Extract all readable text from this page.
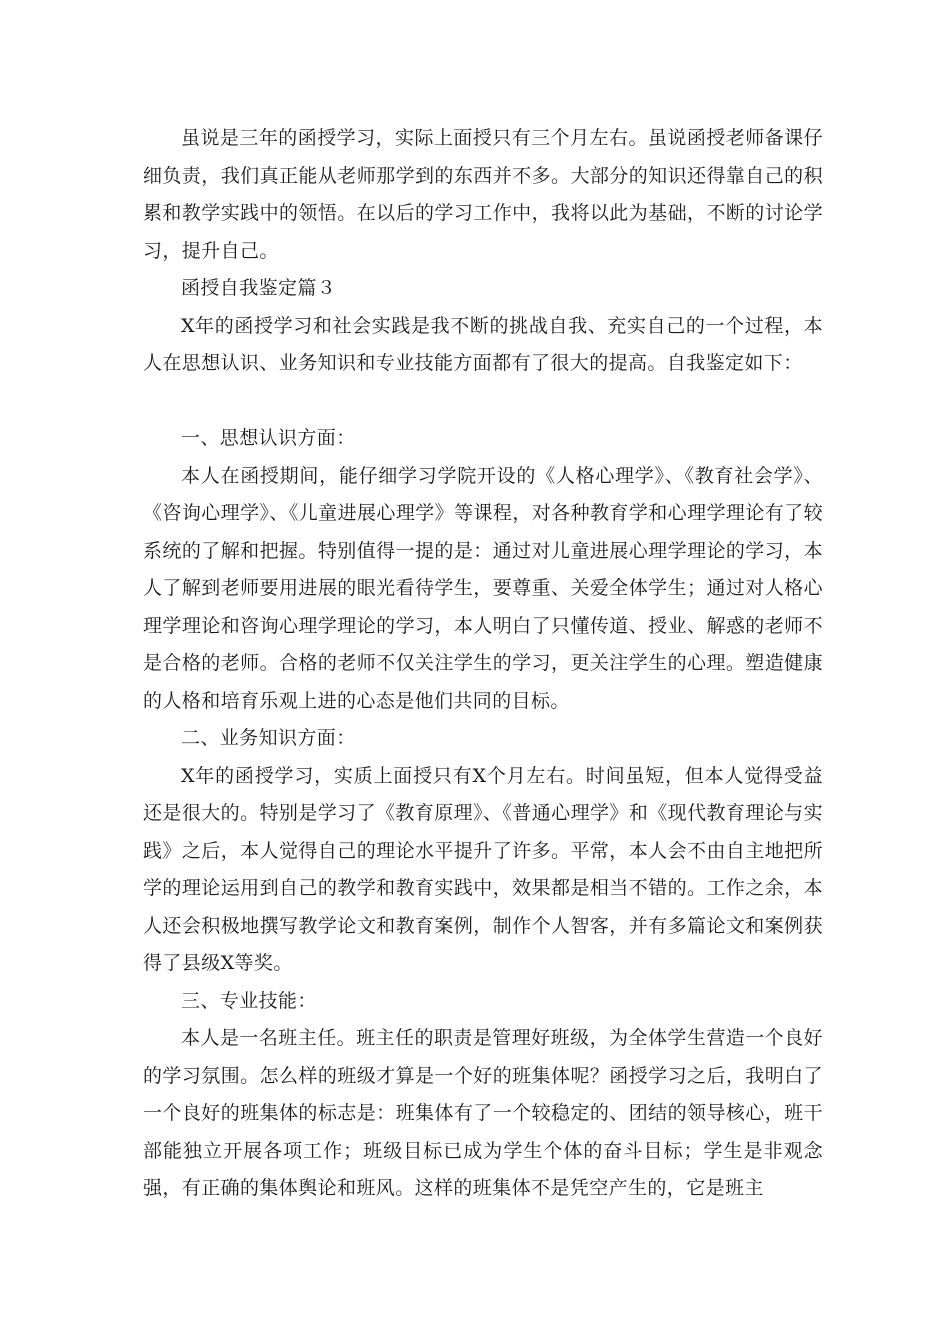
虽说是三年的函授学习，实际上面授只有三个月左右。虽说函授老师备课仔细负责，我们真正能从老师那学到的东西并不多。大部分的知识还得靠自己的积累和教学实践中的领悟。在以后的学习工作中，我将以此为基础，不断的讨论学习，提升自己。

函授自我鉴定篇３

X年的函授学习和社会实践是我不断的挑战自我、充实自己的一个过程，本人在思想认识、业务知识和专业技能方面都有了很大的提高。自我鉴定如下：

一、思想认识方面：

本人在函授期间，能仔细学习学院开设的《人格心理学》、《教育社会学》、《咨询心理学》、《儿童进展心理学》等课程，对各种教育学和心理学理论有了较系统的了解和把握。特别值得一提的是：通过对儿童进展心理学理论的学习，本人了解到老师要用进展的眼光看待学生，要尊重、关爱全体学生；通过对人格心理学理论和咨询心理学理论的学习，本人明白了只懂传道、授业、解惑的老师不是合格的老师。合格的老师不仅关注学生的学习，更关注学生的心理。塑造健康的人格和培育乐观上进的心态是他们共同的目标。

二、业务知识方面：

X年的函授学习，实质上面授只有X个月左右。时间虽短，但本人觉得受益还是很大的。特别是学习了《教育原理》、《普通心理学》和《现代教育理论与实践》之后，本人觉得自己的理论水平提升了许多。平常，本人会不由自主地把所学的理论运用到自己的教学和教育实践中，效果都是相当不错的。工作之余，本人还会积极地撰写教学论文和教育案例，制作个人智客，并有多篇论文和案例获得了县级X等奖。

三、专业技能：

本人是一名班主任。班主任的职责是管理好班级，为全体学生营造一个良好的学习氛围。怎么样的班级才算是一个好的班集体呢？函授学习之后，我明白了一个良好的班集体的标志是：班集体有了一个较稳定的、团结的领导核心，班干部能独立开展各项工作；班级目标已成为学生个体的奋斗目标；学生是非观念强，有正确的集体舆论和班风。这样的班集体不是凭空产生的，它是班主
